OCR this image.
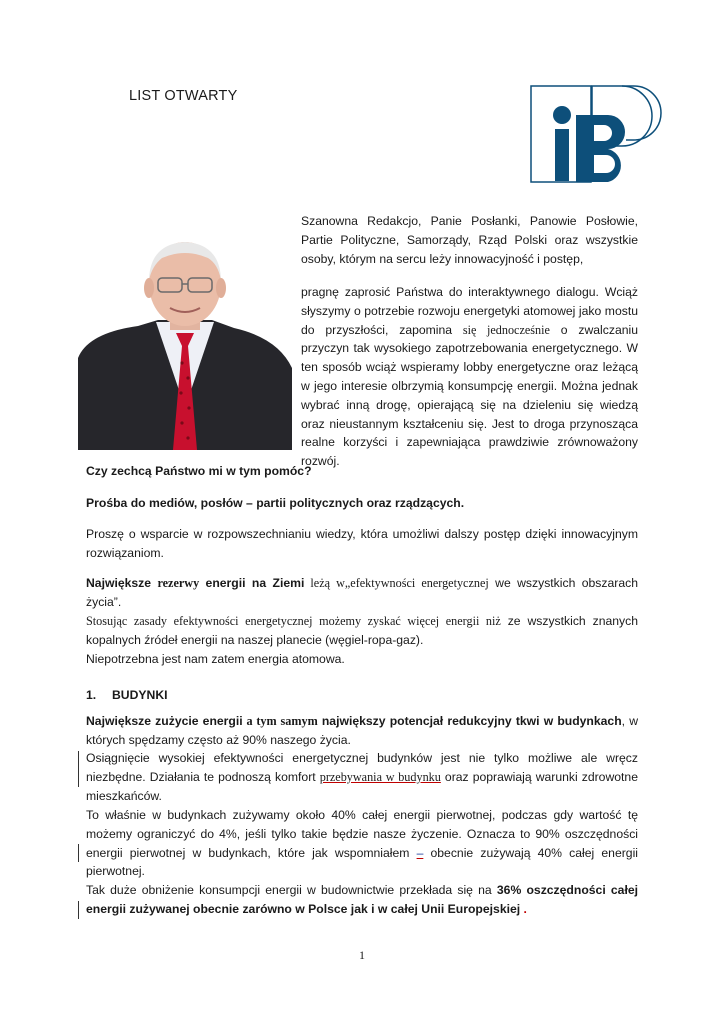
LIST OTWARTY

Szanowna Redakcjo, Panie Posłanki, Panowie Posłowie, Partie Polityczne, Samorządy, Rząd Polski oraz wszystkie osoby, którym na sercu leży innowacyjność i postęp,

pragnę zaprosić Państwa do interaktywnego dialogu. Wciąż słyszymy o potrzebie rozwoju energetyki atomowej jako mostu do przyszłości, zapomina się jednocześnie o zwalczaniu przyczyn tak wysokiego zapotrzebowania energetycznego. W ten sposób wciąż wspieramy lobby energetyczne oraz leżącą w jego interesie olbrzymią konsumpcję energii. Można jednak wybrać inną drogę, opierającą się na dzieleniu się wiedzą oraz nieustannym kształceniu się. Jest to droga przynosząca realne korzyści i zapewniająca prawdziwie zrównoważony rozwój.

Czy zechcą Państwo mi w tym pomóc?

Prośba do mediów, posłów – partii politycznych oraz rządzących.

Proszę o wsparcie w rozpowszechnianiu wiedzy, która umożliwi dalszy postęp dzięki innowacyjnym rozwiązaniom.

Największe rezerwy energii na Ziemi leżą w„efektywności energetycznej we wszystkich obszarach życia”.

Stosując zasady efektywności energetycznej możemy zyskać więcej energii niż ze wszystkich znanych kopalnych źródeł energii na naszej planecie (węgiel-ropa-gaz).

Niepotrzebna jest nam zatem energia atomowa.

1. BUDYNKI

Największe zużycie energii a tym samym największy potencjał redukcyjny tkwi w budynkach, w których spędzamy często aż 90% naszego życia.

Osiągnięcie wysokiej efektywności energetycznej budynków jest nie tylko możliwe ale wręcz niezbędne. Działania te podnoszą komfort przebywania w budynku oraz poprawiają warunki zdrowotne mieszkańców.

To właśnie w budynkach zużywamy około 40% całej energii pierwotnej, podczas gdy wartość tę możemy ograniczyć do 4%, jeśli tylko takie będzie nasze życzenie. Oznacza to 90% oszczędności energii pierwotnej w budynkach, które jak wspomniałem – obecnie zużywają 40% całej energii pierwotnej.

Tak duże obniżenie konsumpcji energii w budownictwie przekłada się na 36% oszczędności całej energii zużywanej obecnie zarówno w Polsce jak i w całej Unii Europejskiej .

1
